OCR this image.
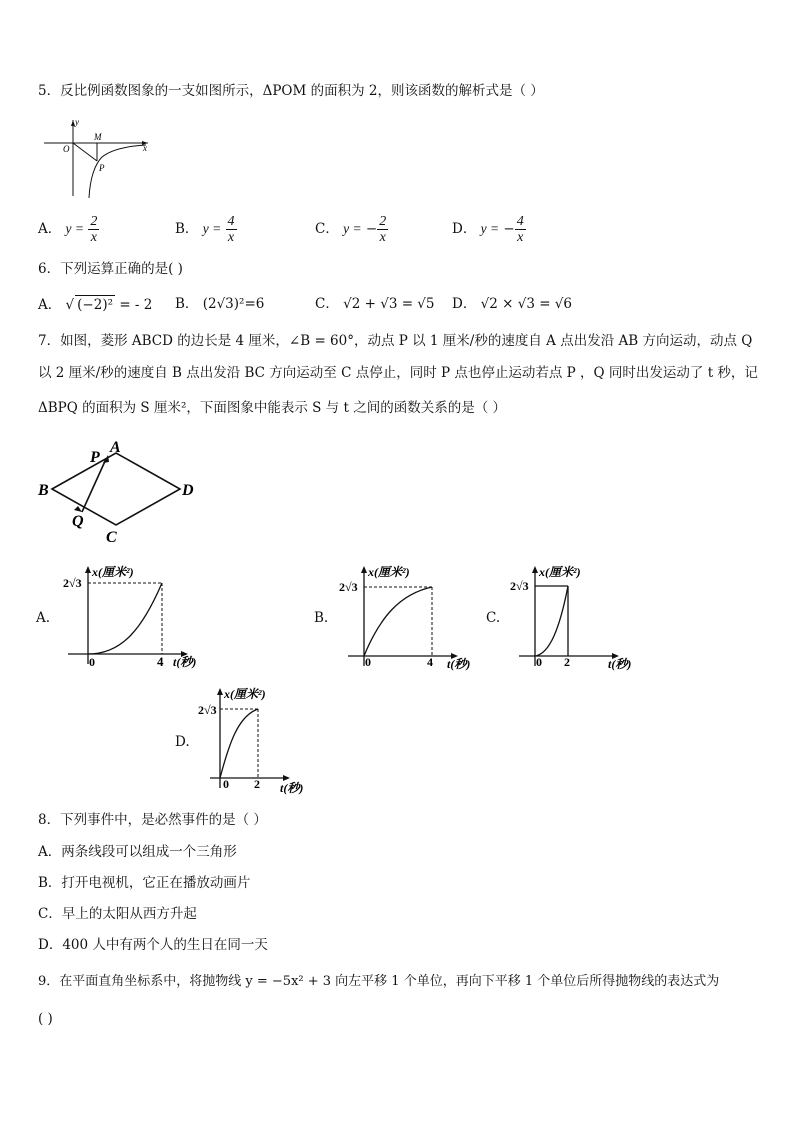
5．反比例函数图象的一支如图所示，ΔPOM 的面积为 2，则该函数的解析式是（ ）
y
O
M
x
P
A． $y = \frac{2}{x}$	B． $y = \frac{4}{x}$	C． y = − $\frac{2}{x}$	D． y = − $\frac{4}{x}$
6．下列运算正确的是( )
A． √ (−2)² = - 2 B． (2√3)²=6	C． √2 + √3 = √5 D． √2 × √3 = √6
7．如图，菱形 ABCD 的边长是 4 厘米，∠B = 60°，动点 P 以 1 厘米/秒的速度自 A 点出发沿 AB 方向运动，动点 Q
以 2 厘米/秒的速度自 B 点出发沿 BC 方向运动至 C 点停止，同时 P 点也停止运动若点 P ，Q 同时出发运动了 t 秒，记
ΔBPQ 的面积为 S 厘米²，下面图象中能表示 S 与 t 之间的函数关系的是（ ）
A
B
C
D
P
Q
A.
x(厘米²)
2√3
0	4 t(秒)
B.
x(厘米²)
2√3
0	4 t(秒)
C.
x(厘米²)
2√3
0 2	t(秒)
D.
x(厘米²)
2√3
0 2 t(秒)
8．下列事件中，是必然事件的是（ ）
A．两条线段可以组成一个三角形
B．打开电视机，它正在播放动画片
C．早上的太阳从西方升起
D．400 人中有两个人的生日在同一天
9．在平面直角坐标系中，将抛物线 y = −5x² + 3 向左平移 1 个单位，再向下平移 1 个单位后所得抛物线的表达式为
( )
